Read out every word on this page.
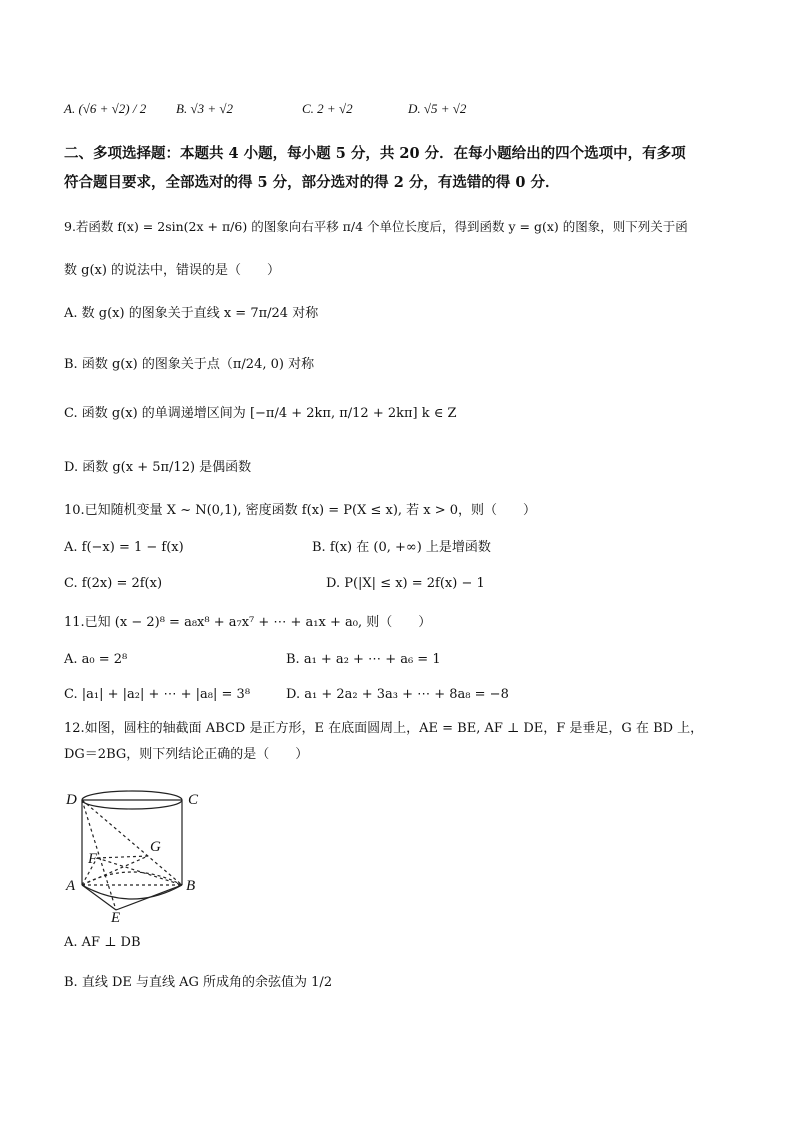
A. (√6 + √2) / 2 B. √3 + √2	C. 2 + √2	D. √5 + √2
二、多项选择题：本题共 4 小题，每小题 5 分，共 20 分．在每小题给出的四个选项中，有多项
符合题目要求，全部选对的得 5 分，部分选对的得 2 分，有选错的得 0 分．
9.若函数 f(x) = 2sin(2x + π/6) 的图象向右平移 π/4 个单位长度后，得到函数 y = g(x) 的图象，则下列关于函
数 g(x) 的说法中，错误的是（　　）
A. 数 g(x) 的图象关于直线 x = 7π/24 对称
B. 函数 g(x) 的图象关于点（π/24, 0) 对称
C. 函数 g(x) 的单调递增区间为 [−π/4 + 2kπ, π/12 + 2kπ] k ∈ Z
D. 函数 g(x + 5π/12) 是偶函数
10.已知随机变量 X ~ N(0,1), 密度函数 f(x) = P(X ≤ x), 若 x > 0，则（　　）
A. f(−x) = 1 − f(x)	B. f(x) 在 (0, +∞) 上是增函数
C. f(2x) = 2f(x)	D. P(|X| ≤ x) = 2f(x) − 1
11.已知 (x − 2)⁸ = a₈x⁸ + a₇x⁷ + ⋯ + a₁x + a₀, 则（　　）
A. a₀ = 2⁸	B. a₁ + a₂ + ⋯ + a₆ = 1
C. |a₁| + |a₂| + ⋯ + |a₈| = 3⁸	D. a₁ + 2a₂ + 3a₃ + ⋯ + 8a₈ = −8
12.如图，圆柱的轴截面 ABCD 是正方形，E 在底面圆周上，AE = BE, AF ⊥ DE，F 是垂足，G 在 BD 上，
DG＝2BG，则下列结论正确的是（　　）
D	C
G
F
A	B
E
A. AF ⊥ DB
B. 直线 DE 与直线 AG 所成角的余弦值为 1/2
